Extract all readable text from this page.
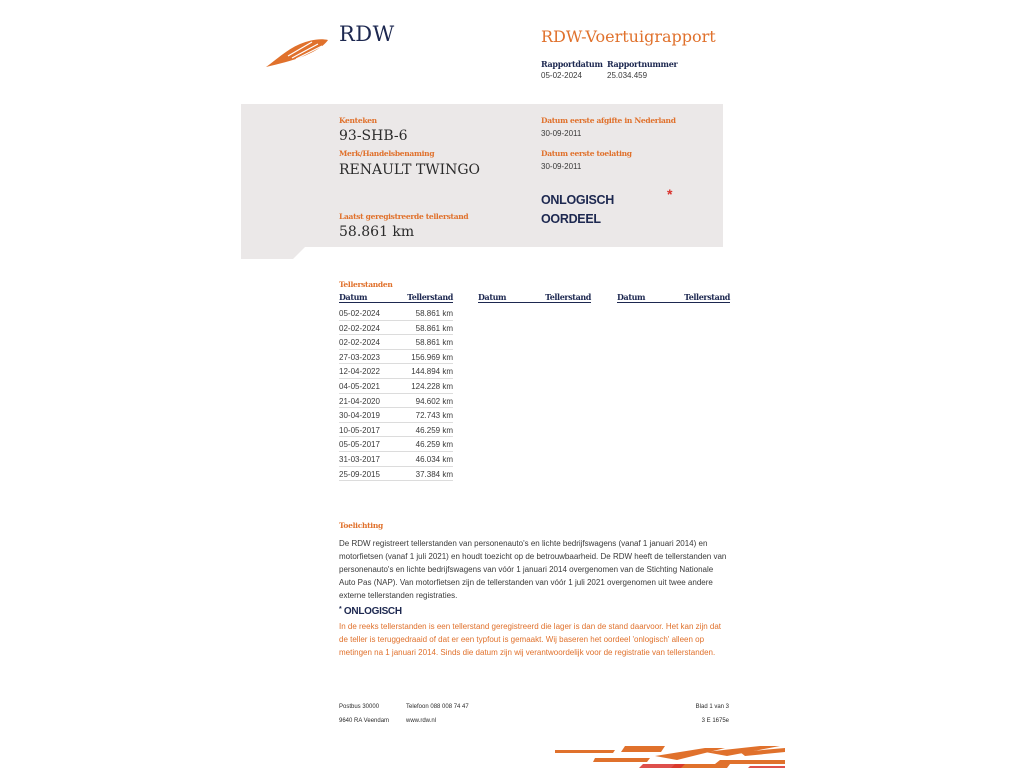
RDW	RDW-Voertuigrapport
Rapportdatum
05-02-2024
Rapportnummer
25.034.459
Kenteken
93-SHB-6
Merk/Handelsbenaming
RENAULT TWINGO
Laatst geregistreerde tellerstand
58.861 km
Datum eerste afgifte in Nederland
30-09-2011
Datum eerste toelating
30-09-2011
ONLOGISCH OORDEEL
*
Tellerstanden
Datum	Tellerstand	Datum	Tellerstand	Datum	Tellerstand
05-02-2024	58.861 km
02-02-2024	58.861 km
02-02-2024	58.861 km
27-03-2023	156.969 km
12-04-2022	144.894 km
04-05-2021	124.228 km
21-04-2020	94.602 km
30-04-2019	72.743 km
10-05-2017	46.259 km
05-05-2017	46.259 km
31-03-2017	46.034 km
25-09-2015	37.384 km
Toelichting
De RDW registreert tellerstanden van personenauto's en lichte bedrijfswagens (vanaf 1 januari 2014) en motorfietsen (vanaf 1 juli 2021) en houdt toezicht op de betrouwbaarheid. De RDW heeft de tellerstanden van personenauto's en lichte bedrijfswagens van vóór 1 januari 2014 overgenomen van de Stichting Nationale Auto Pas (NAP). Van motorfietsen zijn de tellerstanden van vóór 1 juli 2021 overgenomen uit twee andere externe tellerstanden registraties.
* ONLOGISCH
In de reeks tellerstanden is een tellerstand geregistreerd die lager is dan de stand daarvoor. Het kan zijn dat de teller is teruggedraaid of dat er een typfout is gemaakt. Wij baseren het oordeel 'onlogisch' alleen op metingen na 1 januari 2014. Sinds die datum zijn wij verantwoordelijk voor de registratie van tellerstanden.
Postbus 30000
9640 RA Veendam
Telefoon 088 008 74 47
www.rdw.nl
Blad 1 van 3
3 E 1675e
